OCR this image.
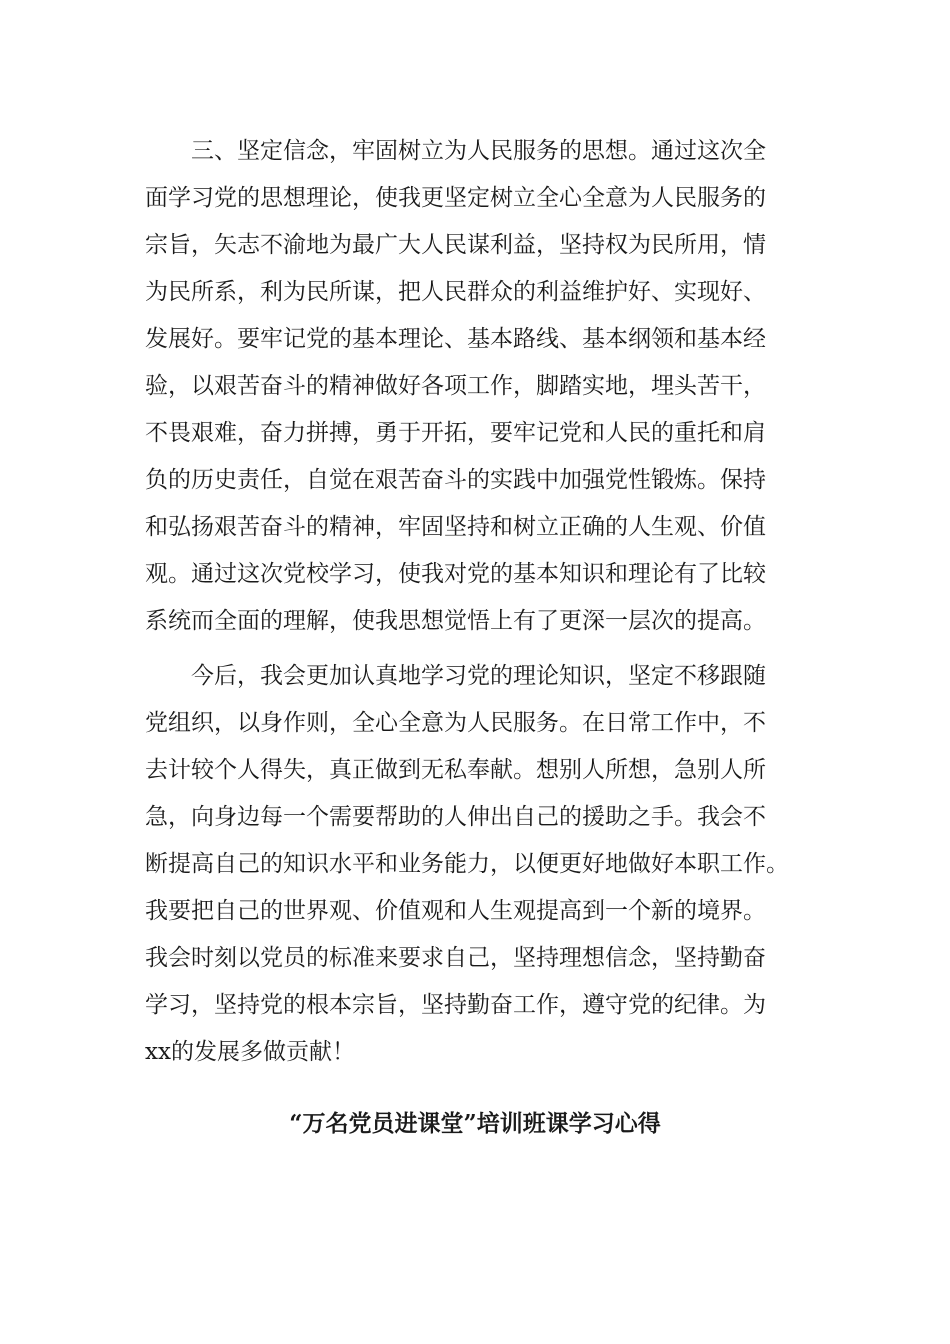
　　三、坚定信念，牢固树立为人民服务的思想。通过这次全
面学习党的思想理论，使我更坚定树立全心全意为人民服务的
宗旨，矢志不渝地为最广大人民谋利益，坚持权为民所用，情
为民所系，利为民所谋，把人民群众的利益维护好、实现好、
发展好。要牢记党的基本理论、基本路线、基本纲领和基本经
验，以艰苦奋斗的精神做好各项工作，脚踏实地，埋头苦干，
不畏艰难，奋力拼搏，勇于开拓，要牢记党和人民的重托和肩
负的历史责任，自觉在艰苦奋斗的实践中加强党性锻炼。保持
和弘扬艰苦奋斗的精神，牢固坚持和树立正确的人生观、价值
观。通过这次党校学习，使我对党的基本知识和理论有了比较
系统而全面的理解，使我思想觉悟上有了更深一层次的提高。
　　今后，我会更加认真地学习党的理论知识，坚定不移跟随
党组织，以身作则，全心全意为人民服务。在日常工作中，不
去计较个人得失，真正做到无私奉献。想别人所想，急别人所
急，向身边每一个需要帮助的人伸出自己的援助之手。我会不
断提高自己的知识水平和业务能力，以便更好地做好本职工作。
我要把自己的世界观、价值观和人生观提高到一个新的境界。
我会时刻以党员的标准来要求自己，坚持理想信念，坚持勤奋
学习，坚持党的根本宗旨，坚持勤奋工作，遵守党的纪律。为
xx的发展多做贡献！
“万名党员进课堂”培训班课学习心得
